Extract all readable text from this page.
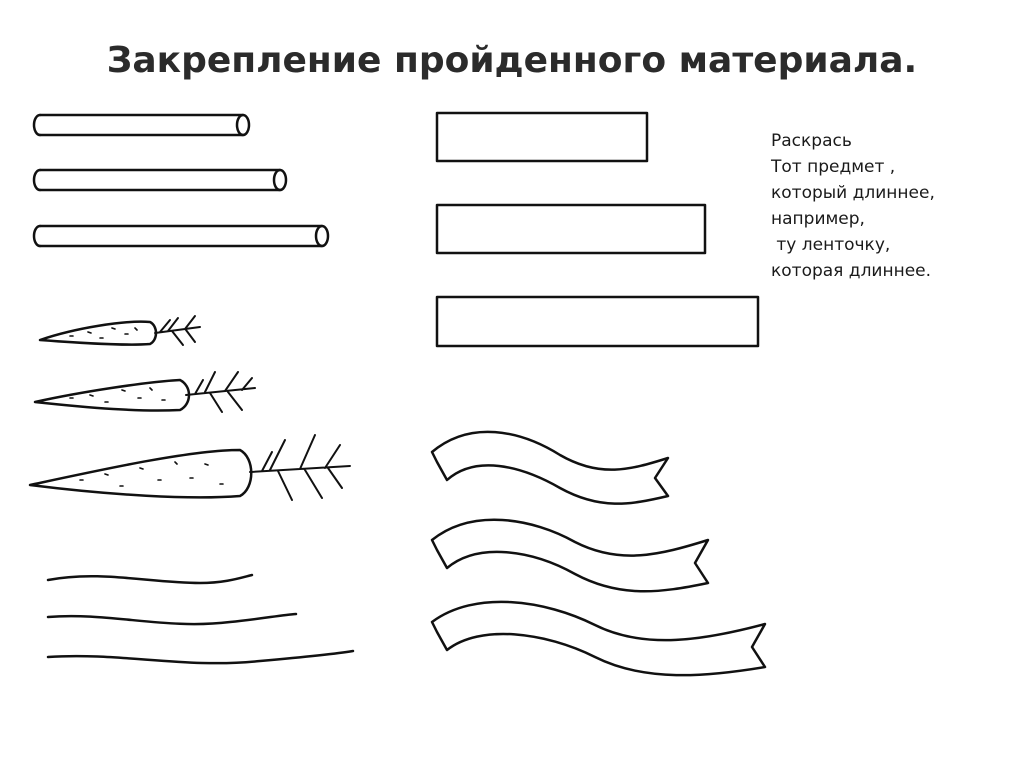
Закрепление пройденного материала.
Раскрась
Тот предмет ,
который длиннее,
например,
ту ленточку,
которая длиннее.
